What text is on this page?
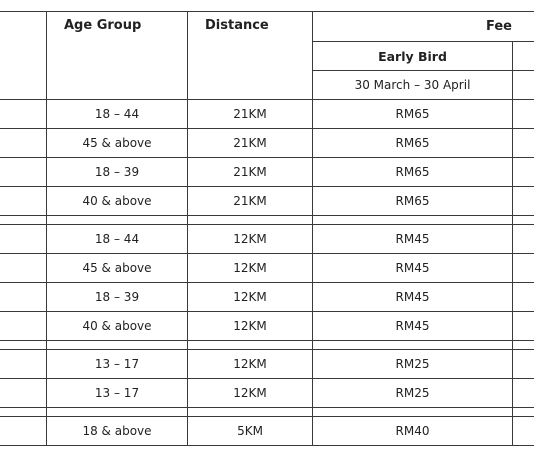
	Age Group	Distance	Fee	
			Early Bird	
			30 March – 30 April	
	18 – 44	21KM	RM65	
	45 & above	21KM	RM65	
	18 – 39	21KM	RM65	
	40 & above	21KM	RM65	

	18 – 44	12KM	RM45	
	45 & above	12KM	RM45	
	18 – 39	12KM	RM45	
	40 & above	12KM	RM45	

	13 – 17	12KM	RM25	
	13 – 17	12KM	RM25	

	18 & above	5KM	RM40	
